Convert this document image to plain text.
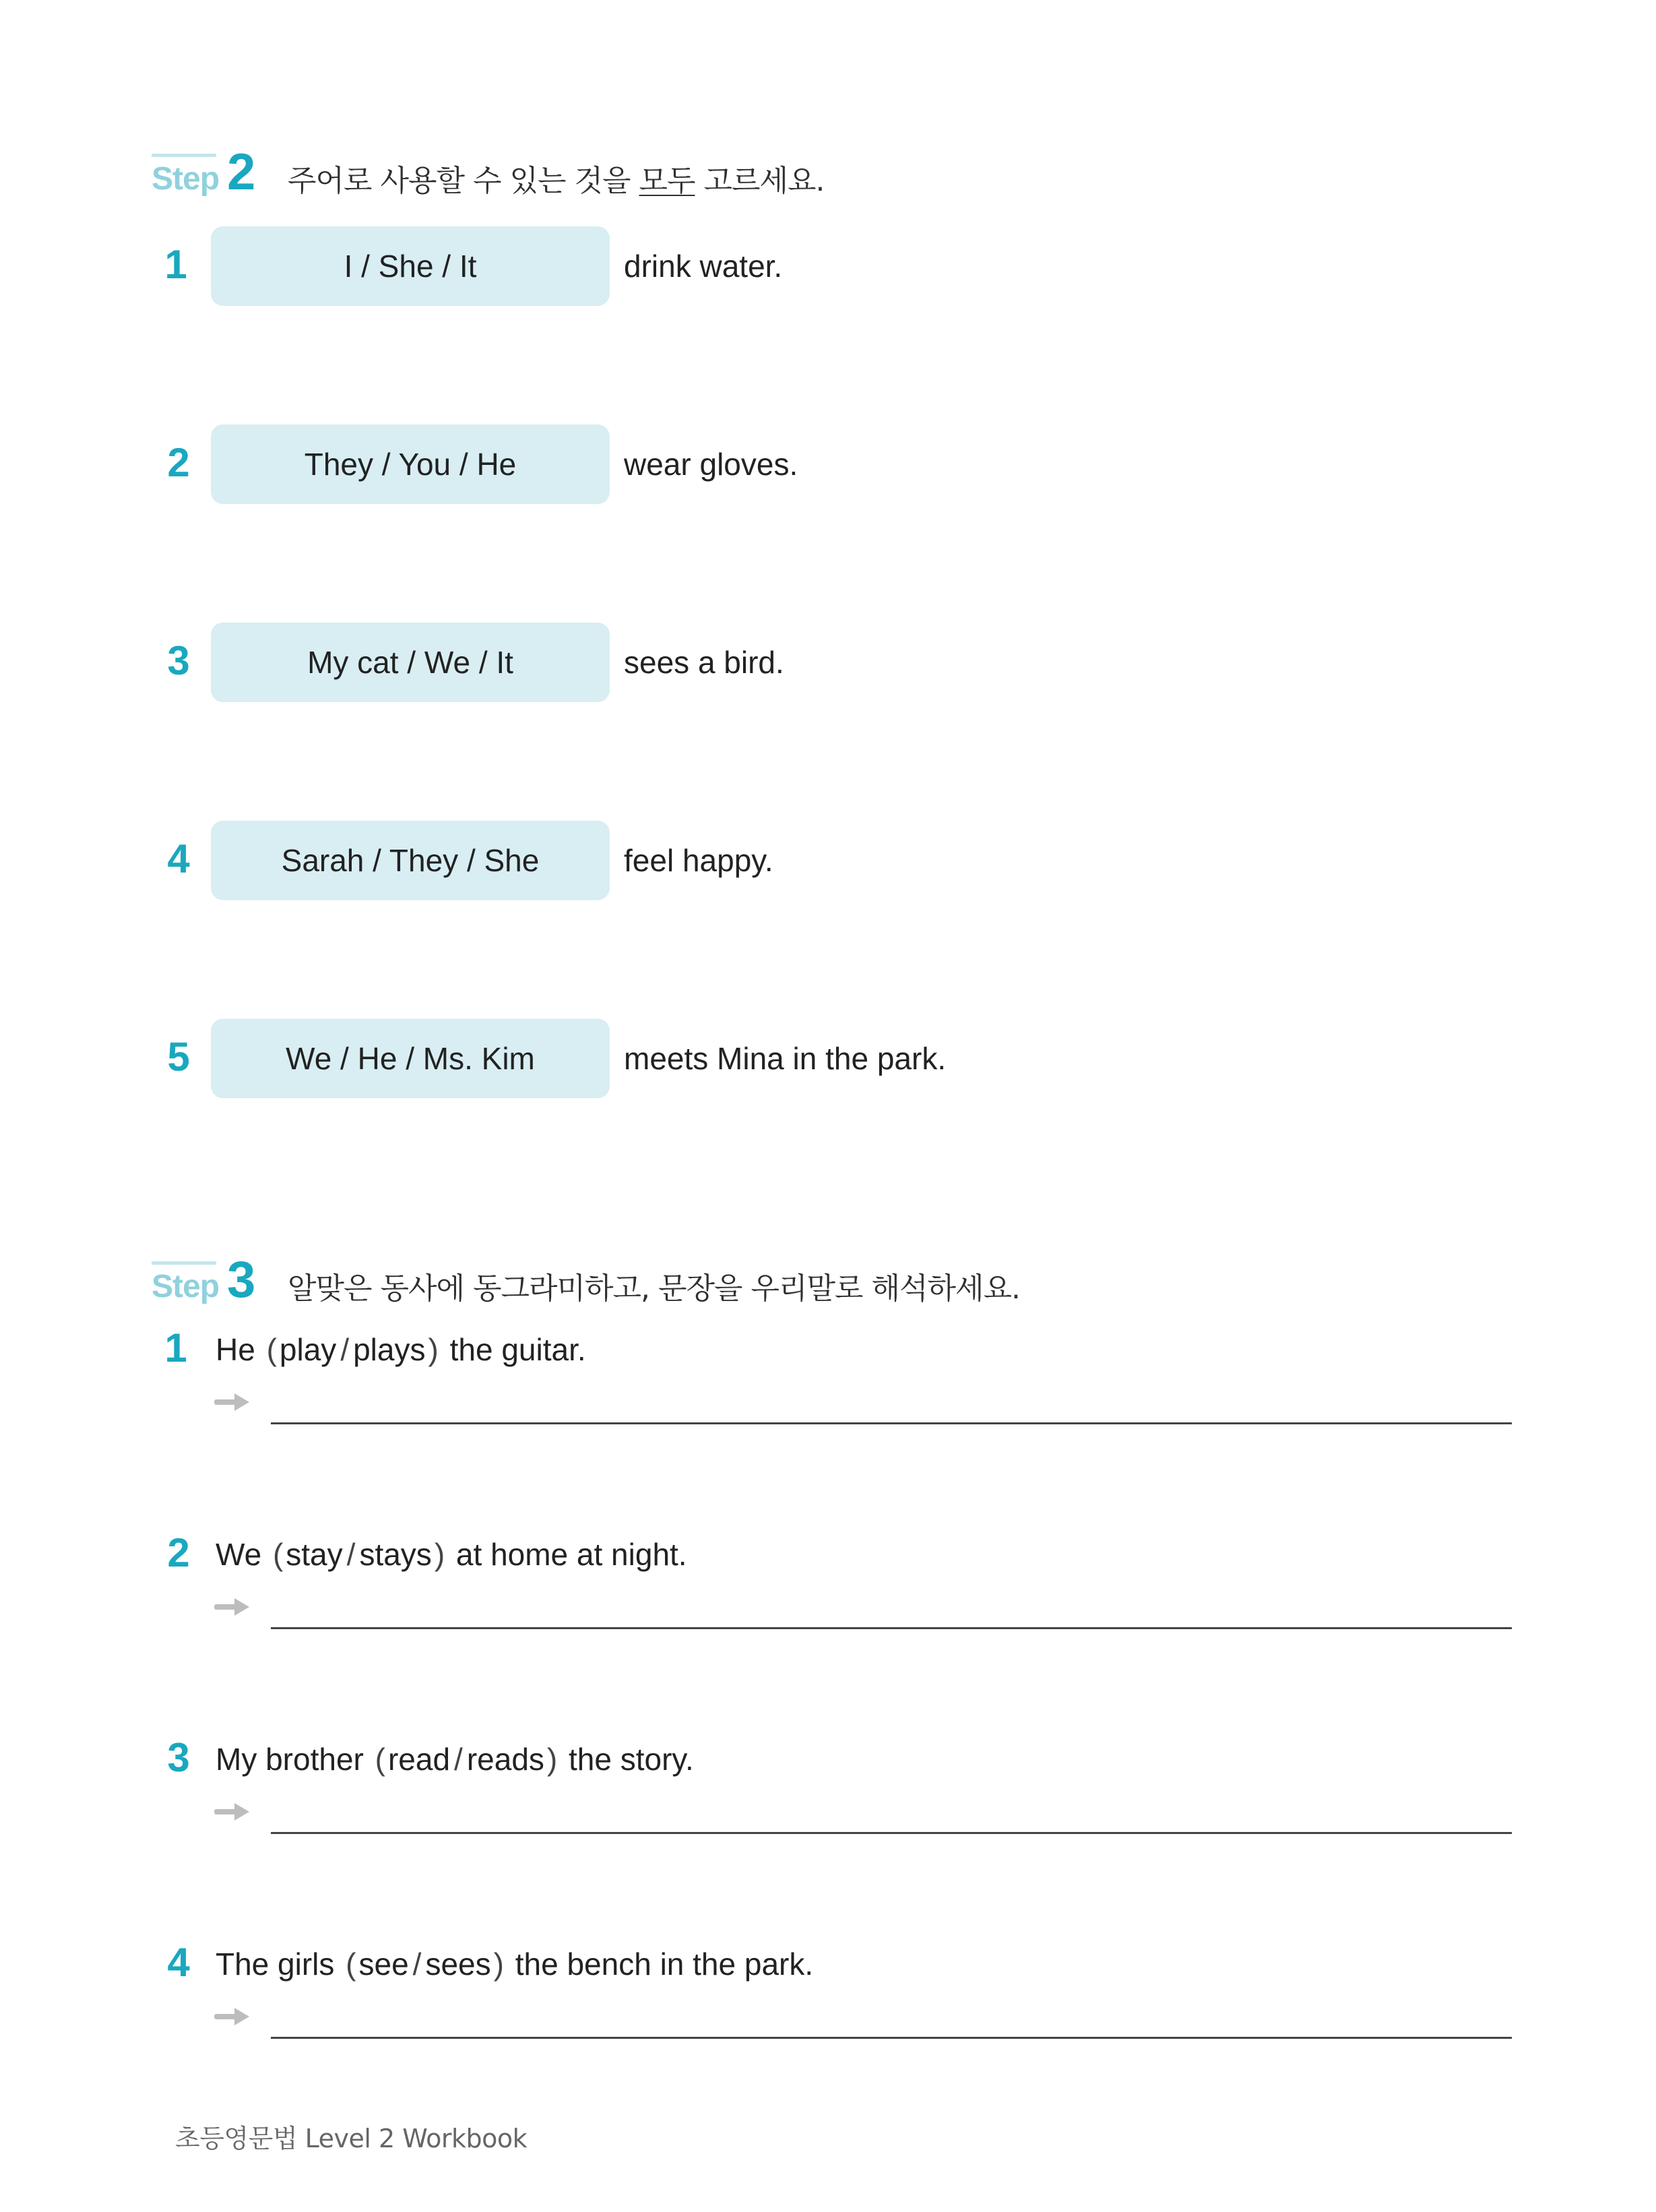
Step 2 주어로 사용할 수 있는 것을 모두 고르세요.
1	I / She / It	drink water.
2	They / You / He	wear gloves.
3	My cat / We / It	sees a bird.
4	Sarah / They / She	feel happy.
5	We / He / Ms. Kim	meets Mina in the park.
Step 3 알맞은 동사에 동그라미하고, 문장을 우리말로 해석하세요.
1 He (play / plays) the guitar.
2 We (stay / stays) at home at night.
3 My brother (read / reads) the story.
4 The girls (see / sees) the bench in the park.
초등영문법 Level 2 Workbook
